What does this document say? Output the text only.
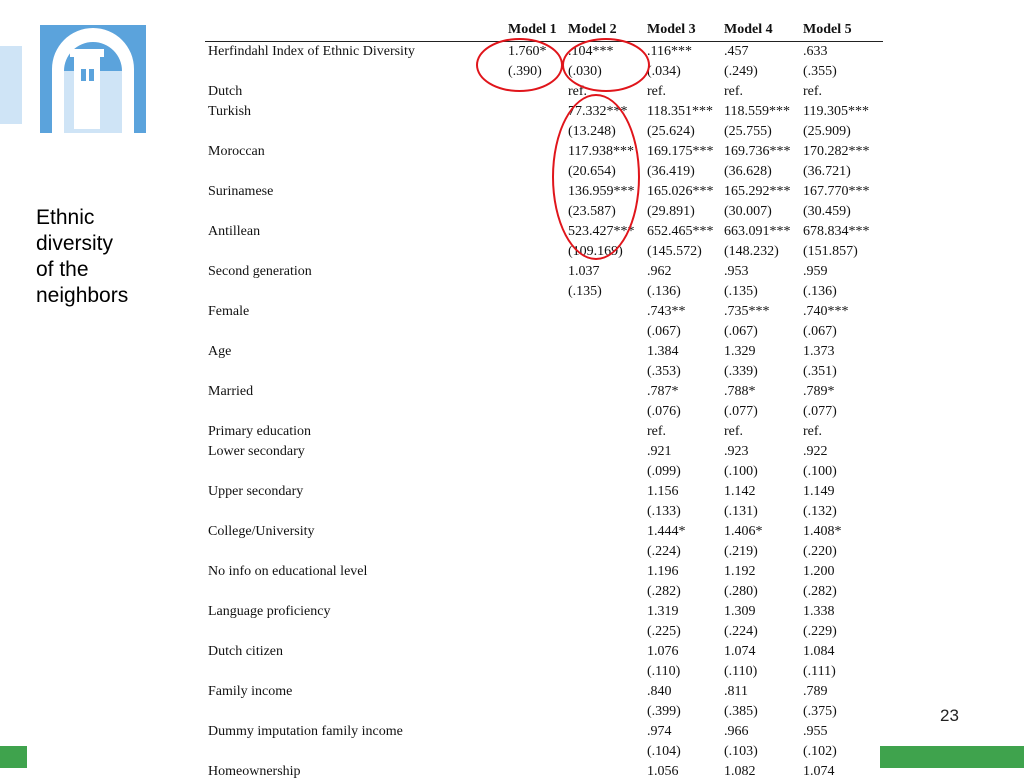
Ethnic
diversity
of the
neighbors
	Model 1	Model 2	Model 3	Model 4	Model 5
Herfindahl Index of Ethnic Diversity	1.760*	.104***	.116***	.457	.633
	(.390)	(.030)	(.034)	(.249)	(.355)
Dutch		ref.	ref.	ref.	ref.
Turkish		77.332***	118.351***	118.559***	119.305***
		(13.248)	(25.624)	(25.755)	(25.909)
Moroccan		117.938***	169.175***	169.736***	170.282***
		(20.654)	(36.419)	(36.628)	(36.721)
Surinamese		136.959***	165.026***	165.292***	167.770***
		(23.587)	(29.891)	(30.007)	(30.459)
Antillean		523.427***	652.465***	663.091***	678.834***
		(109.169)	(145.572)	(148.232)	(151.857)
Second generation		1.037	.962	.953	.959
		(.135)	(.136)	(.135)	(.136)
Female			.743**	.735***	.740***
			(.067)	(.067)	(.067)
Age			1.384	1.329	1.373
			(.353)	(.339)	(.351)
Married			.787*	.788*	.789*
			(.076)	(.077)	(.077)
Primary education			ref.	ref.	ref.
Lower secondary			.921	.923	.922
			(.099)	(.100)	(.100)
Upper secondary			1.156	1.142	1.149
			(.133)	(.131)	(.132)
College/University			1.444*	1.406*	1.408*
			(.224)	(.219)	(.220)
No info on educational level			1.196	1.192	1.200
			(.282)	(.280)	(.282)
Language proficiency			1.319	1.309	1.338
			(.225)	(.224)	(.229)
Dutch citizen			1.076	1.074	1.084
			(.110)	(.110)	(.111)
Family income			.840	.811	.789
			(.399)	(.385)	(.375)
Dummy imputation family income			.974	.966	.955
			(.104)	(.103)	(.102)
Homeownership			1.056	1.082	1.074
23
